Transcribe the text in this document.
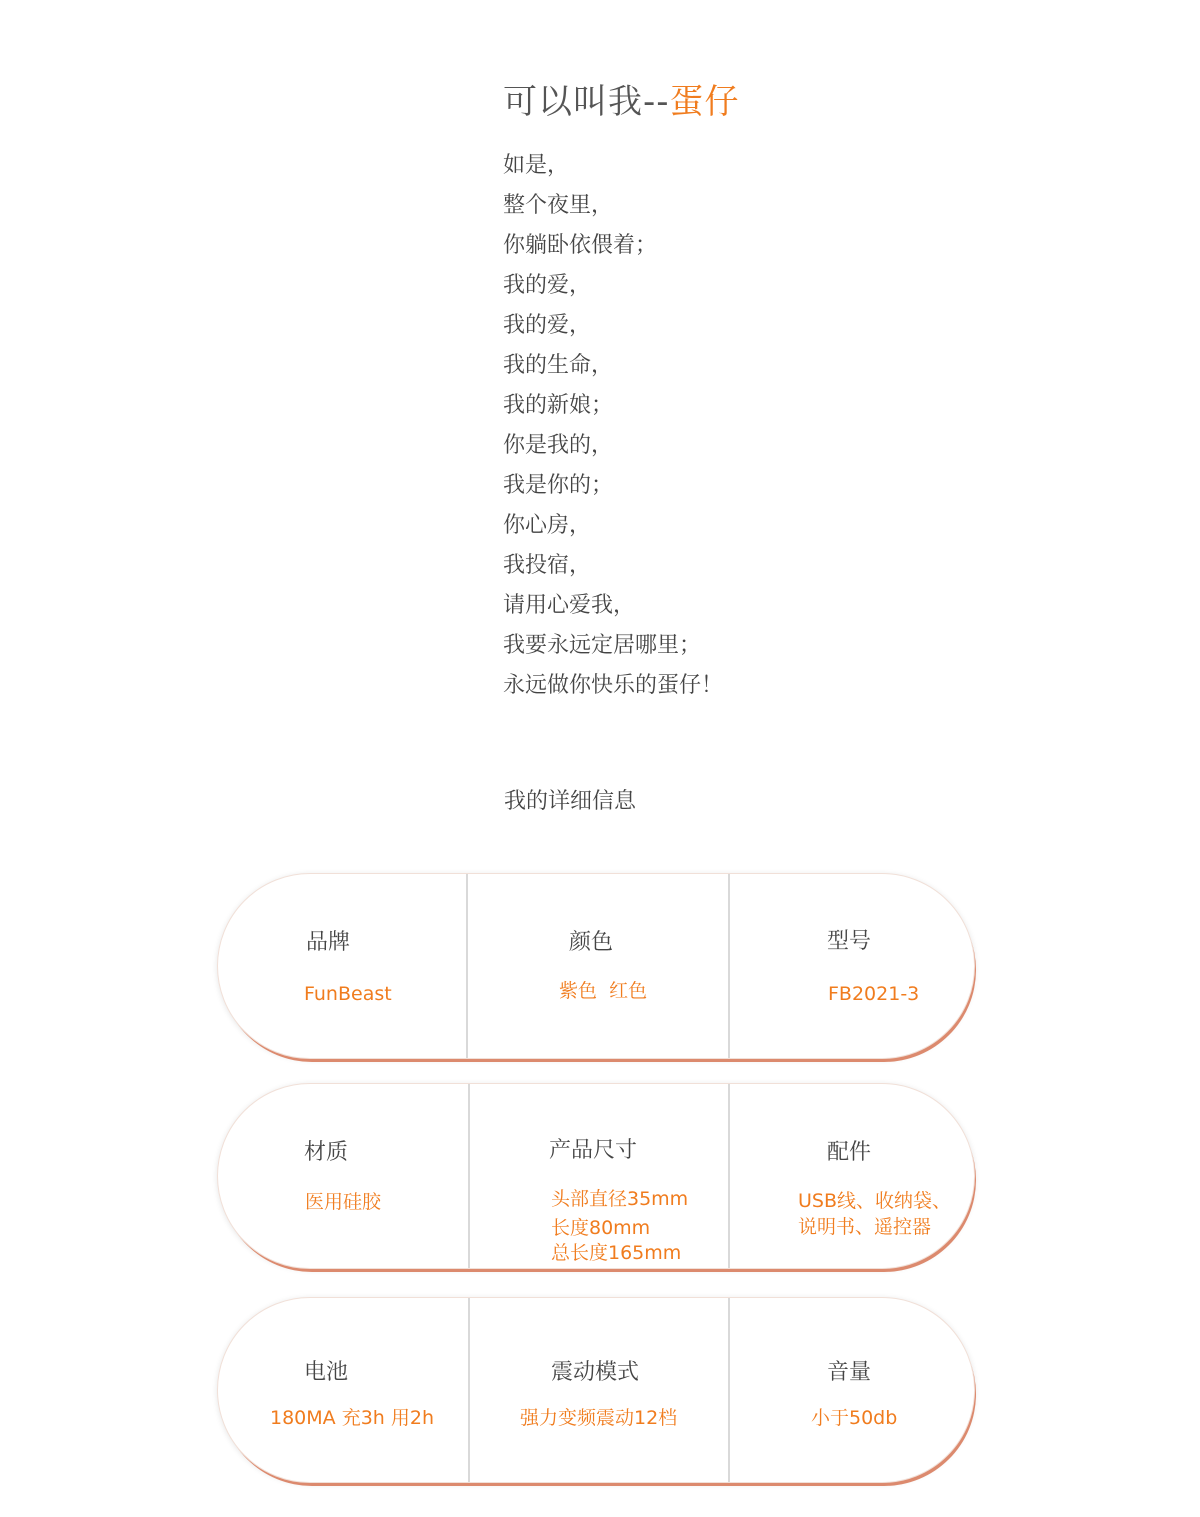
可以叫我--蛋仔
如是，
整个夜里，
你躺卧依偎着；
我的爱，
我的爱，
我的生命，
我的新娘；
你是我的，
我是你的；
你心房，
我投宿，
请用心爱我，
我要永远定居哪里；
永远做你快乐的蛋仔！
我的详细信息
品牌
FunBeast
颜色
紫色  红色
型号
FB2021-3
材质
医用硅胶
产品尺寸
头部直径35mm
长度80mm
总长度165mm
配件
USB线、收纳袋、
说明书、遥控器
电池
180MA 充3h 用2h
震动模式
强力变频震动12档
音量
小于50db
